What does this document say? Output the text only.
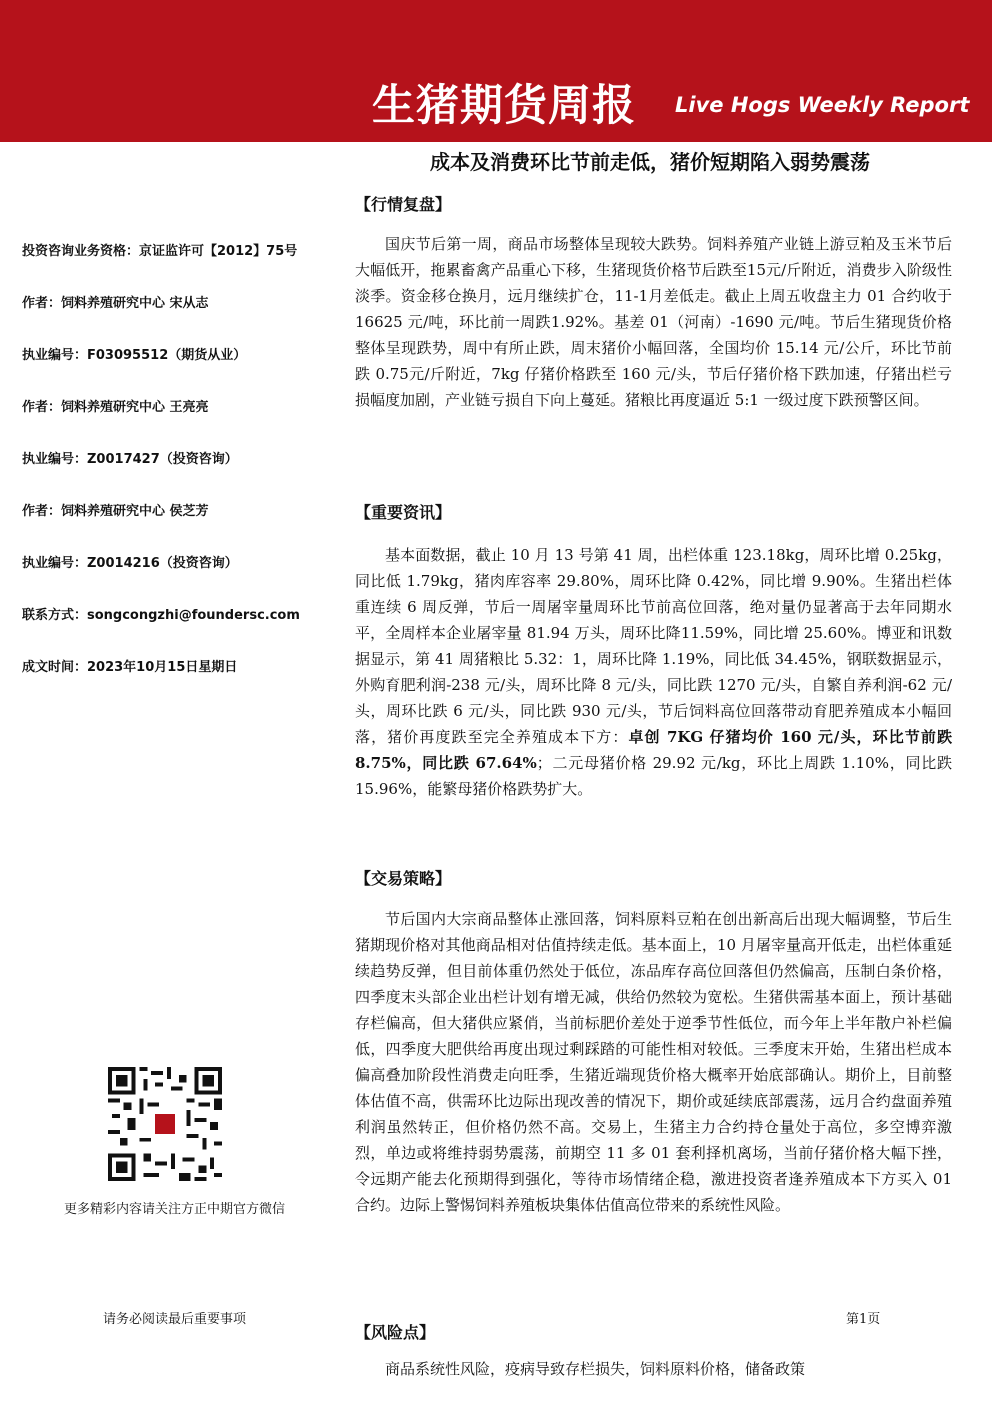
生猪期货周报 Live Hogs Weekly Report
成本及消费环比节前走低，猪价短期陷入弱势震荡
投资咨询业务资格：京证监许可【2012】75号
作者：饲料养殖研究中心 宋从志
执业编号：F03095512（期货从业）
作者：饲料养殖研究中心 王亮亮
执业编号：Z0017427（投资咨询）
作者：饲料养殖研究中心 侯芝芳
执业编号：Z0014216（投资咨询）
联系方式：songcongzhi@foundersc.com
成文时间：2023年10月15日星期日
更多精彩内容请关注方正中期官方微信
请务必阅读最后重要事项	第1页
【行情复盘】

国庆节后第一周，商品市场整体呈现较大跌势。饲料养殖产业链上游豆粕及玉米节后大幅低开，拖累畜禽产品重心下移，生猪现货价格节后跌至15元/斤附近，消费步入阶级性淡季。资金移仓换月，远月继续扩仓，11-1月差低走。截止上周五收盘主力 01 合约收于 16625 元/吨，环比前一周跌1.92%。基差 01（河南）-1690 元/吨。节后生猪现货价格整体呈现跌势，周中有所止跌，周末猪价小幅回落，全国均价 15.14 元/公斤，环比节前跌 0.75元/斤附近，7kg 仔猪价格跌至 160 元/头，节后仔猪价格下跌加速，仔猪出栏亏损幅度加剧，产业链亏损自下向上蔓延。猪粮比再度逼近 5:1 一级过度下跌预警区间。

【重要资讯】

基本面数据，截止 10 月 13 号第 41 周，出栏体重 123.18kg，周环比增 0.25kg，同比低 1.79kg，猪肉库容率 29.80%，周环比降 0.42%，同比增 9.90%。生猪出栏体重连续 6 周反弹，节后一周屠宰量周环比节前高位回落，绝对量仍显著高于去年同期水平，全周样本企业屠宰量 81.94 万头，周环比降11.59%，同比增 25.60%。博亚和讯数据显示，第 41 周猪粮比 5.32：1，周环比降 1.19%，同比低 34.45%，钢联数据显示，外购育肥利润-238 元/头，周环比降 8 元/头，同比跌 1270 元/头，自繁自养利润-62 元/头，周环比跌 6 元/头，同比跌 930 元/头，节后饲料高位回落带动育肥养殖成本小幅回落，猪价再度跌至完全养殖成本下方：卓创 7KG 仔猪均价 160 元/头，环比节前跌 8.75%，同比跌 67.64%；二元母猪价格 29.92 元/kg，环比上周跌 1.10%，同比跌 15.96%，能繁母猪价格跌势扩大。

【交易策略】

节后国内大宗商品整体止涨回落，饲料原料豆粕在创出新高后出现大幅调整，节后生猪期现价格对其他商品相对估值持续走低。基本面上，10 月屠宰量高开低走，出栏体重延续趋势反弹，但目前体重仍然处于低位，冻品库存高位回落但仍然偏高，压制白条价格，四季度末头部企业出栏计划有增无减，供给仍然较为宽松。生猪供需基本面上，预计基础存栏偏高，但大猪供应紧俏，当前标肥价差处于逆季节性低位，而今年上半年散户补栏偏低，四季度大肥供给再度出现过剩踩踏的可能性相对较低。三季度末开始，生猪出栏成本偏高叠加阶段性消费走向旺季，生猪近端现货价格大概率开始底部确认。期价上，目前整体估值不高，供需环比边际出现改善的情况下，期价或延续底部震荡，远月合约盘面养殖利润虽然转正，但价格仍然不高。交易上，生猪主力合约持仓量处于高位，多空博弈激烈，单边或将维持弱势震荡，前期空 11 多 01 套利择机离场，当前仔猪价格大幅下挫，令远期产能去化预期得到强化，等待市场情绪企稳，激进投资者逢养殖成本下方买入 01 合约。边际上警惕饲料养殖板块集体估值高位带来的系统性风险。

【风险点】

商品系统性风险，疫病导致存栏损失，饲料原料价格，储备政策
